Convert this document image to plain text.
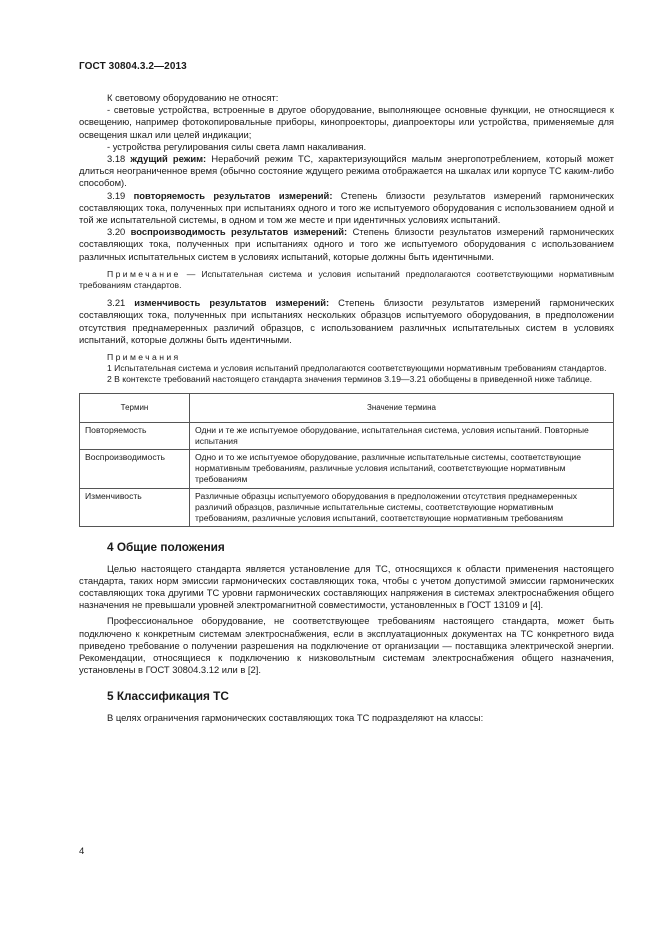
ГОСТ 30804.3.2—2013

К световому оборудованию не относят:

- световые устройства, встроенные в другое оборудование, выполняющее основные функции, не относящиеся к освещению, например фотокопировальные приборы, кинопроекторы, диапроекторы или устройства, применяемые для освещения шкал или целей индикации;

- устройства регулирования силы света ламп накаливания.

3.18 ждущий режим: Нерабочий режим ТС, характеризующийся малым энергопотреблением, который может длиться неограниченное время (обычно состояние ждущего режима отображается на шкалах или корпусе ТС каким-либо способом).

3.19 повторяемость результатов измерений: Степень близости результатов измерений гармонических составляющих тока, полученных при испытаниях одного и того же испытуемого оборудования с использованием одной и той же испытательной системы, в одном и том же месте и при идентичных условиях испытаний.

3.20 воспроизводимость результатов измерений: Степень близости результатов измерений гармонических составляющих тока, полученных при испытаниях одного и того же испытуемого оборудования с использованием различных испытательных систем в условиях испытаний, которые должны быть идентичными.

Примечание — Испытательная система и условия испытаний предполагаются соответствующими нормативным требованиям стандартов.

3.21 изменчивость результатов измерений: Степень близости результатов измерений гармонических составляющих тока, полученных при испытаниях нескольких образцов испытуемого оборудования, в предположении отсутствия преднамеренных различий образцов, с использованием различных испытательных систем в условиях испытаний, которые должны быть идентичными.

Примечания

1 Испытательная система и условия испытаний предполагаются соответствующими нормативным требованиям стандартов.

2 В контексте требований настоящего стандарта значения терминов 3.19—3.21 обобщены в приведенной ниже таблице.

Термин	Значение термина
Повторяемость	Одни и те же испытуемое оборудование, испытательная система, условия испытаний. Повторные испытания
Воспроизводимость	Одно и то же испытуемое оборудование, различные испытательные системы, соответствующие нормативным требованиям, различные условия испытаний, соответствующие нормативным требованиям
Изменчивость	Различные образцы испытуемого оборудования в предположении отсутствия преднамеренных различий образцов, различные испытательные системы, соответствующие нормативным требованиям, различные условия испытаний, соответствующие нормативным требованиям

4 Общие положения

Целью настоящего стандарта является установление для ТС, относящихся к области применения настоящего стандарта, таких норм эмиссии гармонических составляющих тока, чтобы с учетом допустимой эмиссии гармонических составляющих тока другими ТС уровни гармонических составляющих напряжения в системах электроснабжения общего назначения не превышали уровней электромагнитной совместимости, установленных в ГОСТ 13109 и [4].

Профессиональное оборудование, не соответствующее требованиям настоящего стандарта, может быть подключено к конкретным системам электроснабжения, если в эксплуатационных документах на ТС конкретного вида приведено требование о получении разрешения на подключение от организации — поставщика электрической энергии. Рекомендации, относящиеся к подключению к низковольтным системам электроснабжения общего назначения, установлены в ГОСТ 30804.3.12 или в [2].

5 Классификация ТС

В целях ограничения гармонических составляющих тока ТС подразделяют на классы:

4
